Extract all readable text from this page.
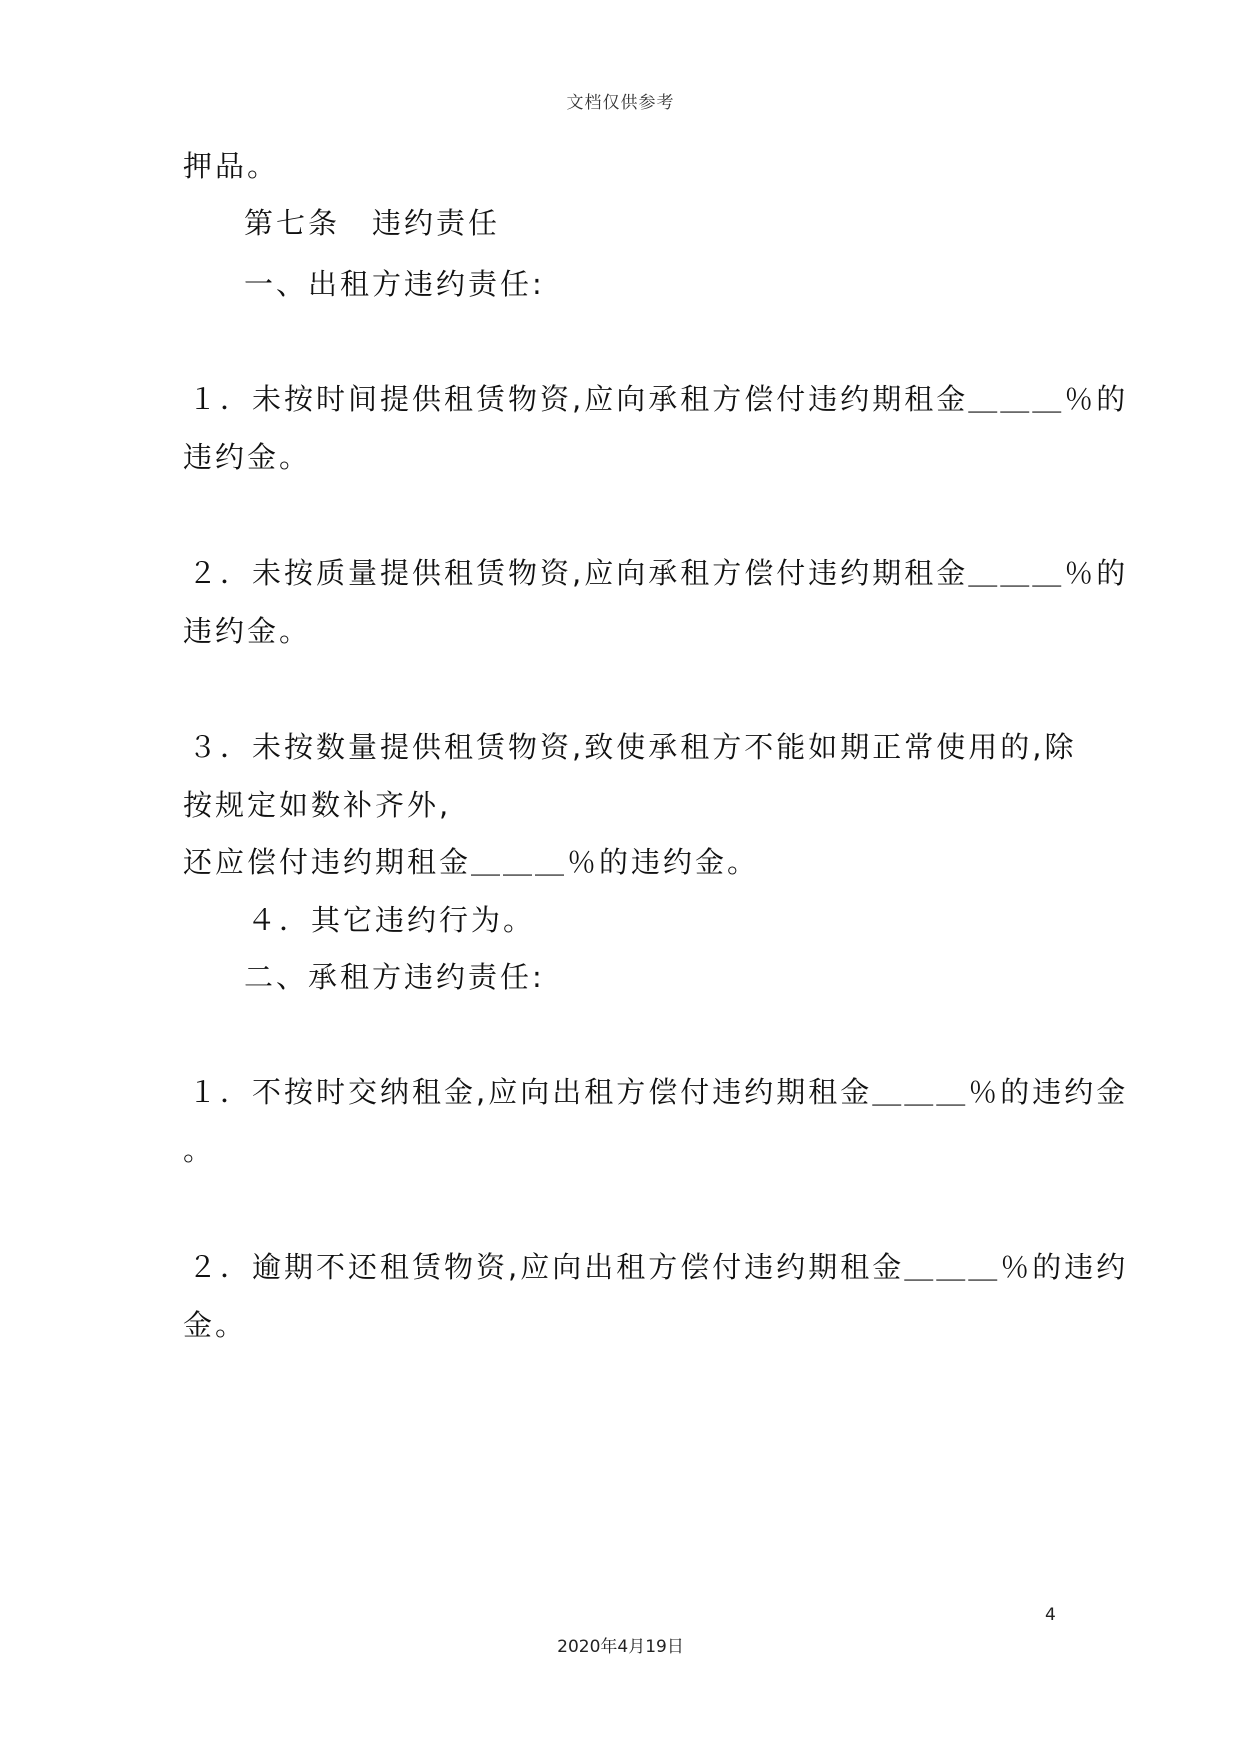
文档仅供参考
押品。
第七条　违约责任
一、出租方违约责任:
１．未按时间提供租赁物资,应向承租方偿付违约期租金＿＿＿％的
违约金。
２．未按质量提供租赁物资,应向承租方偿付违约期租金＿＿＿％的
违约金。
３．未按数量提供租赁物资,致使承租方不能如期正常使用的,除
按规定如数补齐外,
还应偿付违约期租金＿＿＿％的违约金。
４．其它违约行为。
二、承租方违约责任:
１．不按时交纳租金,应向出租方偿付违约期租金＿＿＿％的违约金
。
２．逾期不还租赁物资,应向出租方偿付违约期租金＿＿＿％的违约
金。
4
2020年4月19日
